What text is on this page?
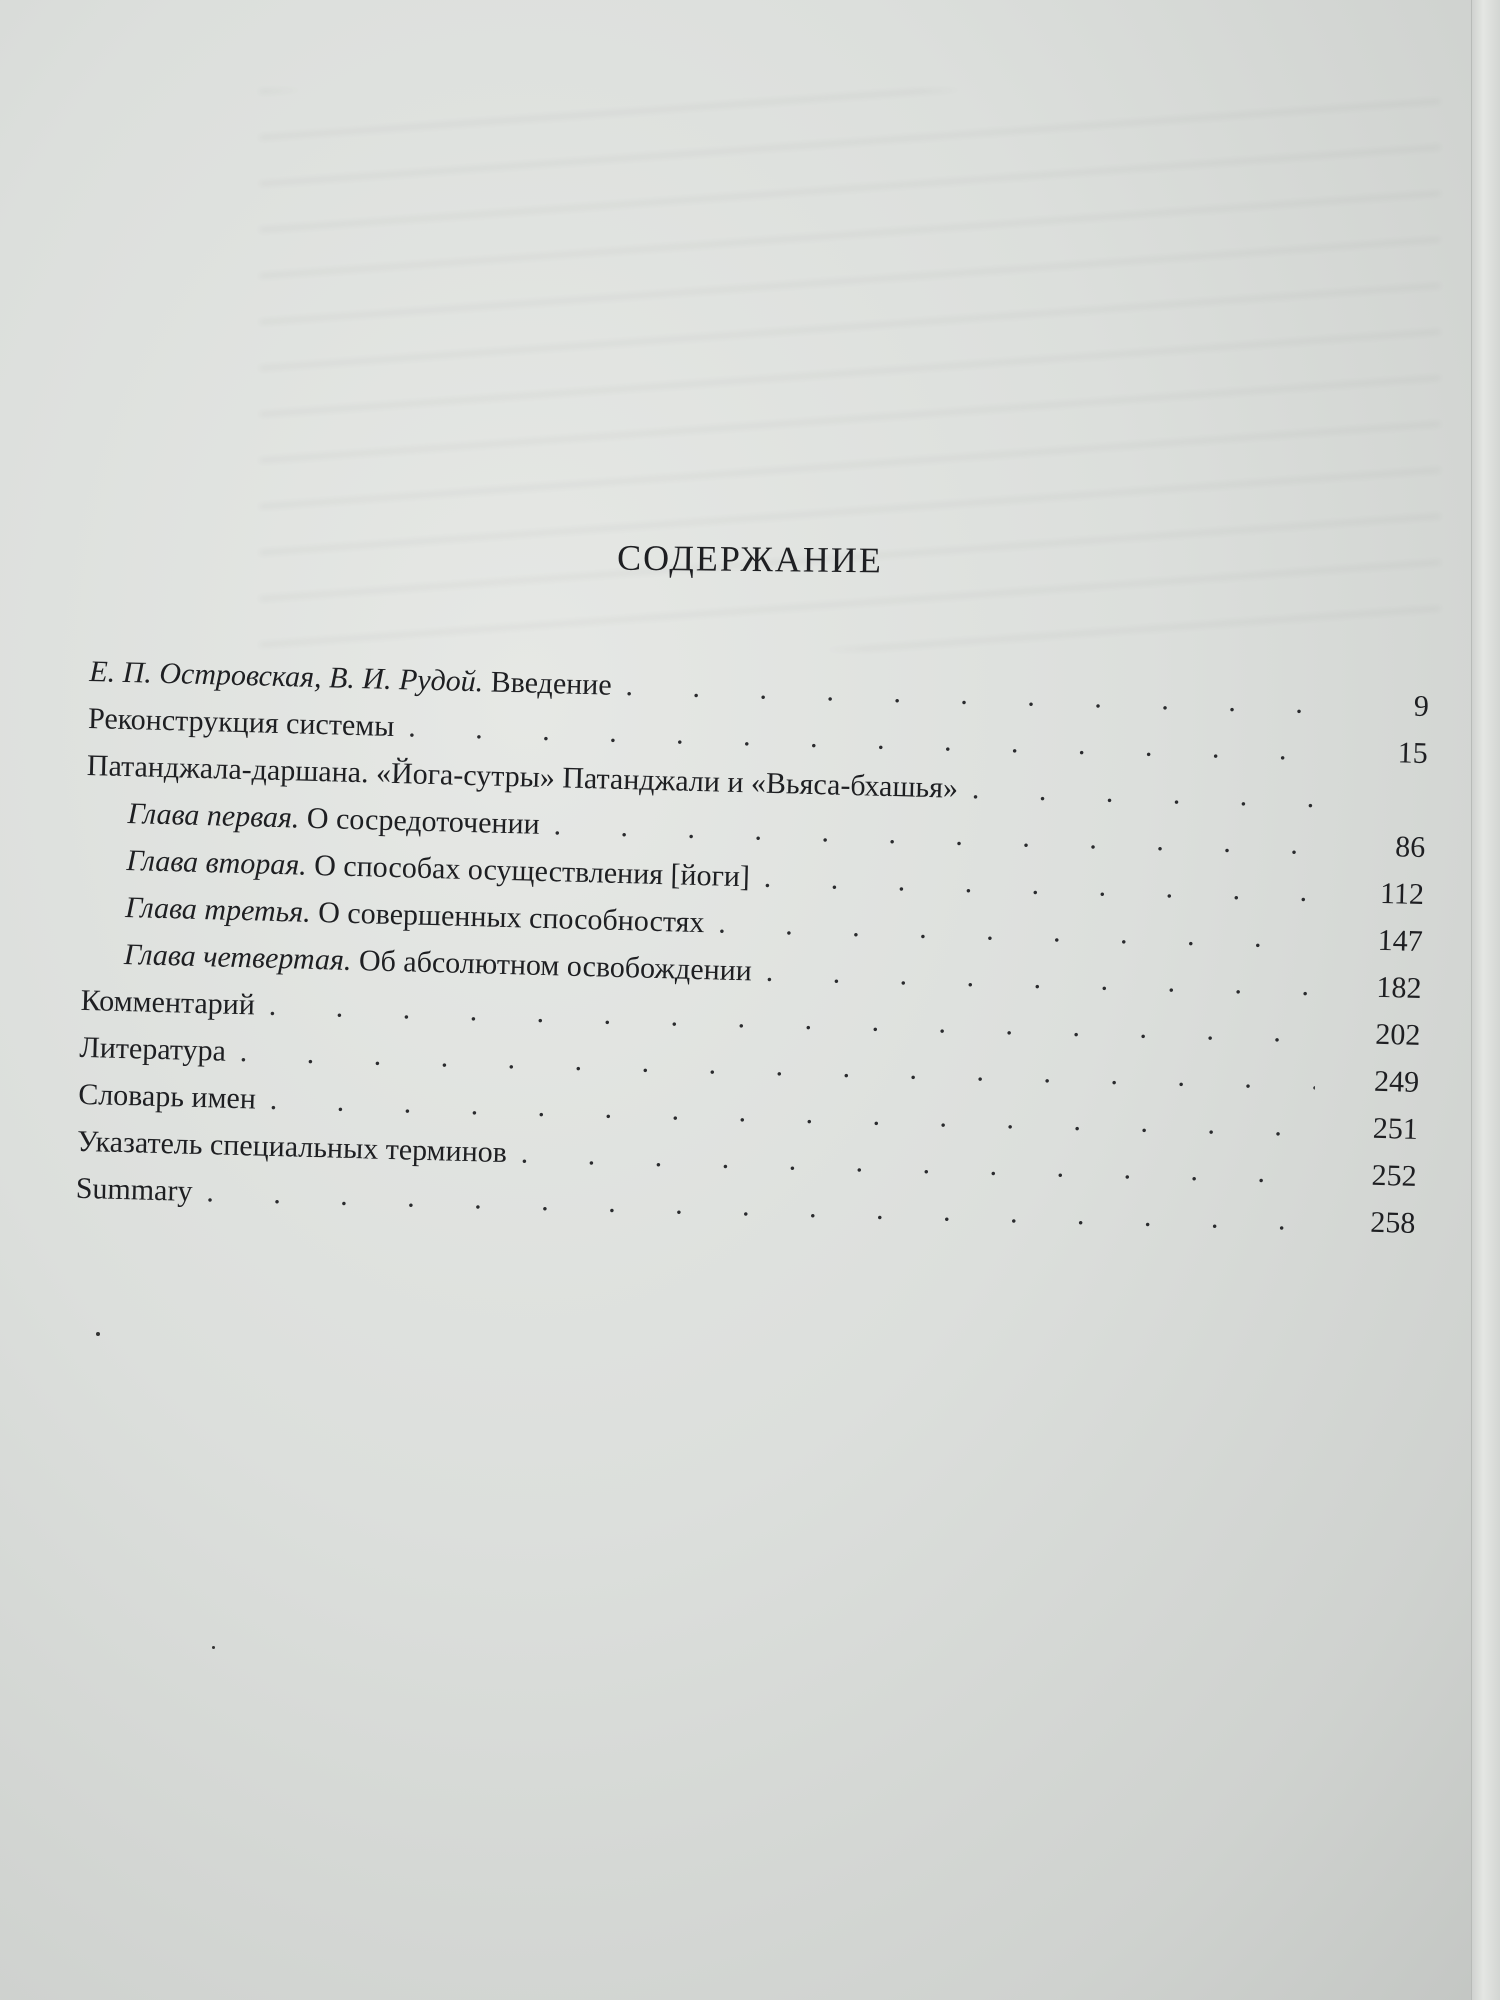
СОДЕРЖАНИЕ
Е. П. Островская, В. И. Рудой. Введение
. . .
9
Реконструкция системы
. . .
15
Патанджала-даршана. «Йога-сутры» Патанджали и «Вьяса-бхашья»
. . .
Глава первая. О сосредоточении
. . .
86
Глава вторая. О способах осуществления [йоги]
. . .
112
Глава третья. О совершенных способностях
. . .
147
Глава четвертая. Об абсолютном освобождении
. . .
182
Комментарий
. . .
202
Литература
. . .
249
Словарь имен
. . .
251
Указатель специальных терминов
. . .
252
Summary
. . .
258
